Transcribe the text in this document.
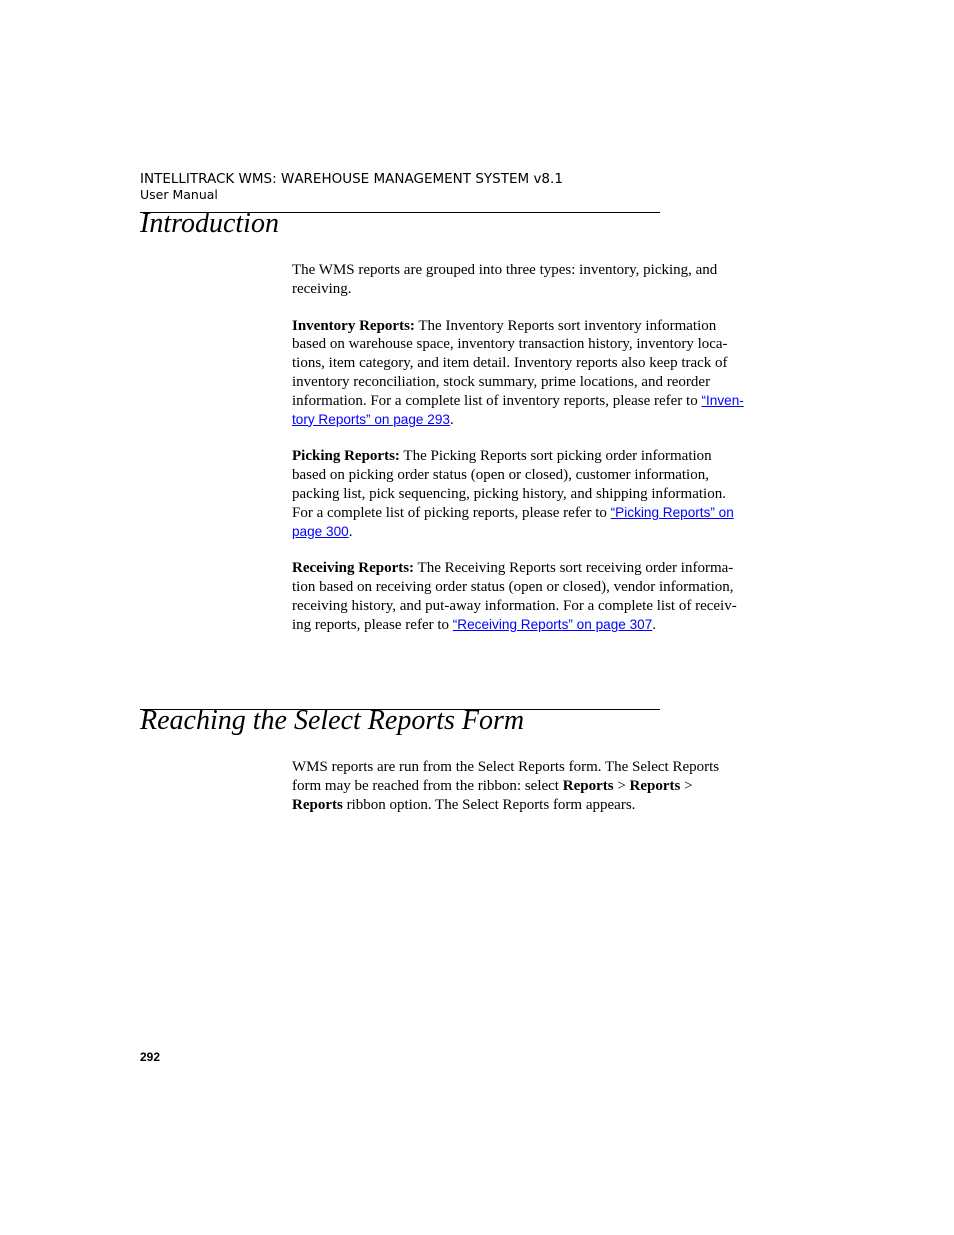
INTELLITRACK WMS: WAREHOUSE MANAGEMENT SYSTEM v8.1
User Manual
Introduction

The WMS reports are grouped into three types: inventory, picking, and
receiving.

Inventory Reports: The Inventory Reports sort inventory information
based on warehouse space, inventory transaction history, inventory loca-
tions, item category, and item detail. Inventory reports also keep track of
inventory reconciliation, stock summary, prime locations, and reorder
information. For a complete list of inventory reports, please refer to “Inven-
tory Reports” on page 293.

Picking Reports: The Picking Reports sort picking order information
based on picking order status (open or closed), customer information,
packing list, pick sequencing, picking history, and shipping information.
For a complete list of picking reports, please refer to “Picking Reports” on
page 300.

Receiving Reports: The Receiving Reports sort receiving order informa-
tion based on receiving order status (open or closed), vendor information,
receiving history, and put-away information. For a complete list of receiv-
ing reports, please refer to “Receiving Reports” on page 307.

Reaching the Select Reports Form

WMS reports are run from the Select Reports form. The Select Reports
form may be reached from the ribbon: select Reports > Reports >
Reports ribbon option. The Select Reports form appears.

292
